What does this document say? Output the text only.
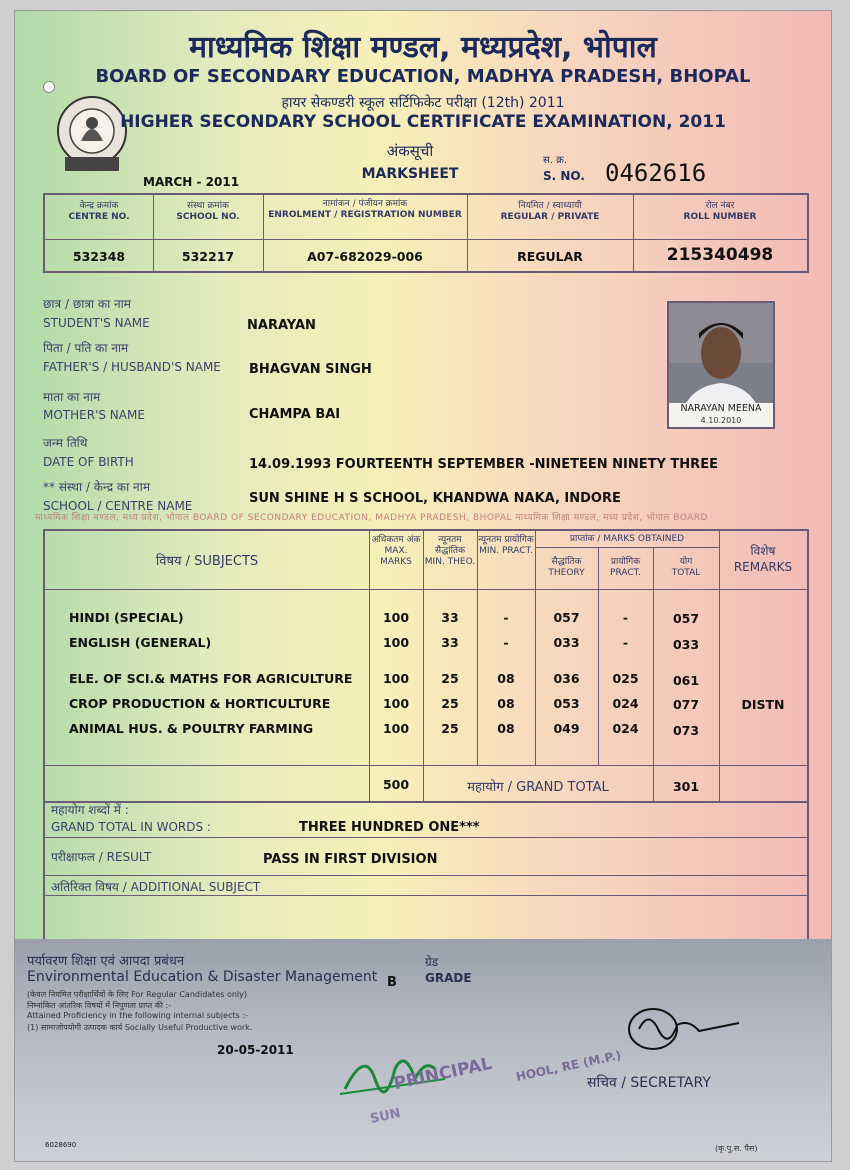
माध्यमिक शिक्षा मण्डल, मध्य प्रदेश, भोपाल BOARD OF SECONDARY EDUCATION, MADHYA PRADESH, BHOPAL माध्यमिक शिक्षा मण्डल, मध्य प्रदेश, भोपाल BOARD
माध्यमिक शिक्षा मण्डल, मध्यप्रदेश, भोपाल
BOARD OF SECONDARY EDUCATION, MADHYA PRADESH, BHOPAL
हायर सेकण्डरी स्कूल सर्टिफिकेट परीक्षा (12th) 2011
HIGHER SECONDARY SCHOOL CERTIFICATE EXAMINATION, 2011
अंकसूची
MARKSHEET
MARCH - 2011
स. क्र.
S. NO. 0462616
केन्द्र क्रमांक
CENTRE NO.
संस्था क्रमांक
SCHOOL NO.
नामांकन / पंजीयन क्रमांक
ENROLMENT / REGISTRATION NUMBER
नियमित / स्वाध्यायी
REGULAR / PRIVATE
रोल नंबर
ROLL NUMBER
532348	532217	A07-682029-006	REGULAR	215340498
छात्र / छात्रा का नाम
STUDENT'S NAME	NARAYAN
पिता / पति का नाम
FATHER'S / HUSBAND'S NAME BHAGVAN SINGH
माता का नाम
MOTHER'S NAME	CHAMPA BAI
जन्म तिथि
DATE OF BIRTH	14.09.1993 FOURTEENTH SEPTEMBER -NINETEEN NINETY THREE
** संस्था / केन्द्र का नाम
SCHOOL / CENTRE NAME	SUN SHINE H S SCHOOL, KHANDWA NAKA, INDORE
NARAYAN MEENA
4.10.2010
विषय / SUBJECTS
अधिकतम अंक
MAX. MARKS
न्यूनतम सैद्धांतिक
MIN. THEO.
न्यूनतम प्रायोगिक
MIN. PRACT.
प्राप्तांक / MARKS OBTAINED
सैद्धांतिक
THEORY
प्रायोगिक
PRACT.
योग
TOTAL
विशेष
REMARKS
HINDI (SPECIAL)	100	33	-	057	-	057
ENGLISH (GENERAL)	100	33	-	033	-	033
ELE. OF SCI.& MATHS FOR AGRICULTURE	100	25	08	036	025	061
CROP PRODUCTION & HORTICULTURE	100	25	08	053	024	077	DISTN
ANIMAL HUS. & POULTRY FARMING	100	25	08	049	024	073
500	महायोग / GRAND TOTAL	301
महायोग शब्दों में :
GRAND TOTAL IN WORDS :	THREE HUNDRED ONE***
परीक्षाफल / RESULT	PASS IN FIRST DIVISION
अतिरिक्त विषय / ADDITIONAL SUBJECT
पर्यावरण शिक्षा एवं आपदा प्रबंधन
Environmental Education & Disaster Management
(केवल नियमित परीक्षार्थियों के लिए For Regular Candidates only)
निम्नांकित आंतरिक विषयों में निपुणता प्राप्त की :-
Attained Proficiency in the following internal subjects :-
(1) सामाजोपयोगी उत्पादक कार्य Socially Useful Productive work.
B
ग्रेड
GRADE
20-05-2011
PRINCIPAL HOOL, RE (M.P.)
SUN
सचिव / SECRETARY
6028690	(कृ.पु.स. पैस)
